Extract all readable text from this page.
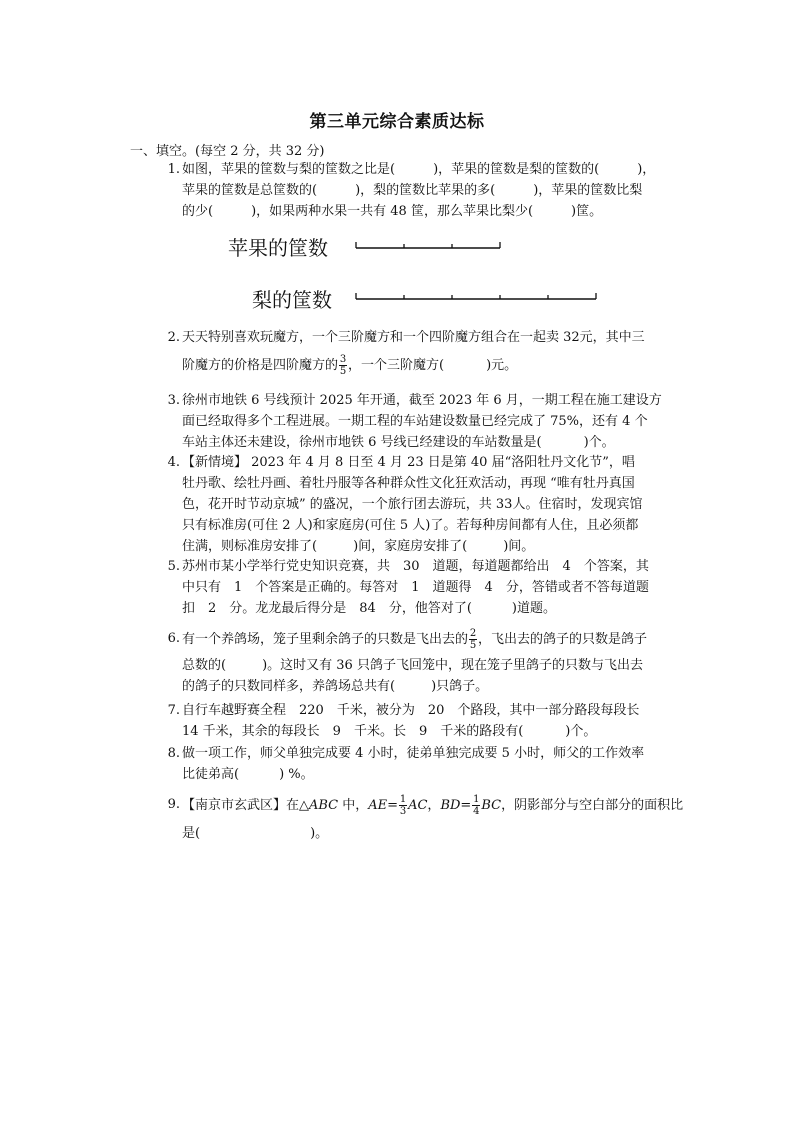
第三单元综合素质达标
一、填空。(每空 2 分，共 32 分)
1. 如图，苹果的筐数与梨的筐数之比是(	)，苹果的筐数是梨的筐数的(	)，
苹果的筐数是总筐数的(	)，梨的筐数比苹果的多(	)，苹果的筐数比梨
的少(	)，如果两种水果一共有 48 筐，那么苹果比梨少(	)筐。
苹果的筐数
梨的筐数
2. 天天特别喜欢玩魔方，一个三阶魔方和一个四阶魔方组合在一起卖 32元，其中三
阶魔方的价格是四阶魔方的 $\frac{3}{5}$ ，一个三阶魔方(	)元。
3. 徐州市地铁 6 号线预计 2025 年开通，截至 2023 年 6 月，一期工程在施工建设方
面已经取得多个工程进展。一期工程的车站建设数量已经完成了 75%，还有 4 个
车站主体还未建设，徐州市地铁 6 号线已经建设的车站数量是(	)个。
4. 【新情境】 2023 年 4 月 8 日至 4 月 23 日是第 40 届“洛阳牡丹文化节”，唱
牡丹歌、绘牡丹画、着牡丹服等各种群众性文化狂欢活动，再现 “唯有牡丹真国
色，花开时节动京城” 的盛况，一个旅行团去游玩，共 33人。住宿时，发现宾馆
只有标准房(可住 2 人)和家庭房(可住 5 人)了。若每种房间都有人住，且必须都
住满，则标准房安排了(	)间，家庭房安排了(	)间。
5. 苏州市某小学举行党史知识竞赛，共　30　道题，每道题都给出　4　个答案，其
中只有　1　个答案是正确的。每答对　1　道题得　4　分，答错或者不答每道题
扣　2　分。龙龙最后得分是　84　分，他答对了(	)道题。
6. 有一个养鸽场，笼子里剩余鸽子的只数是飞出去的 $\frac{2}{5}$ ，飞出去的鸽子的只数是鸽子
总数的(	)。这时又有 36 只鸽子飞回笼中，现在笼子里鸽子的只数与飞出去
的鸽子的只数同样多，养鸽场总共有(	)只鸽子。
7. 自行车越野赛全程　220　千米，被分为　20　个路段，其中一部分路段每段长
14 千米，其余的每段长　9　千米。长　9　千米的路段有(	)个。
8. 做一项工作，师父单独完成要 4 小时，徒弟单独完成要 5 小时，师父的工作效率
比徒弟高(	) %。
9. 【南京市玄武区】在△ABC 中，$AE= \frac{1}{3}$ AC，$BD= \frac{1}{4}$ BC，阴影部分与空白部分的面积比
是(	)。
